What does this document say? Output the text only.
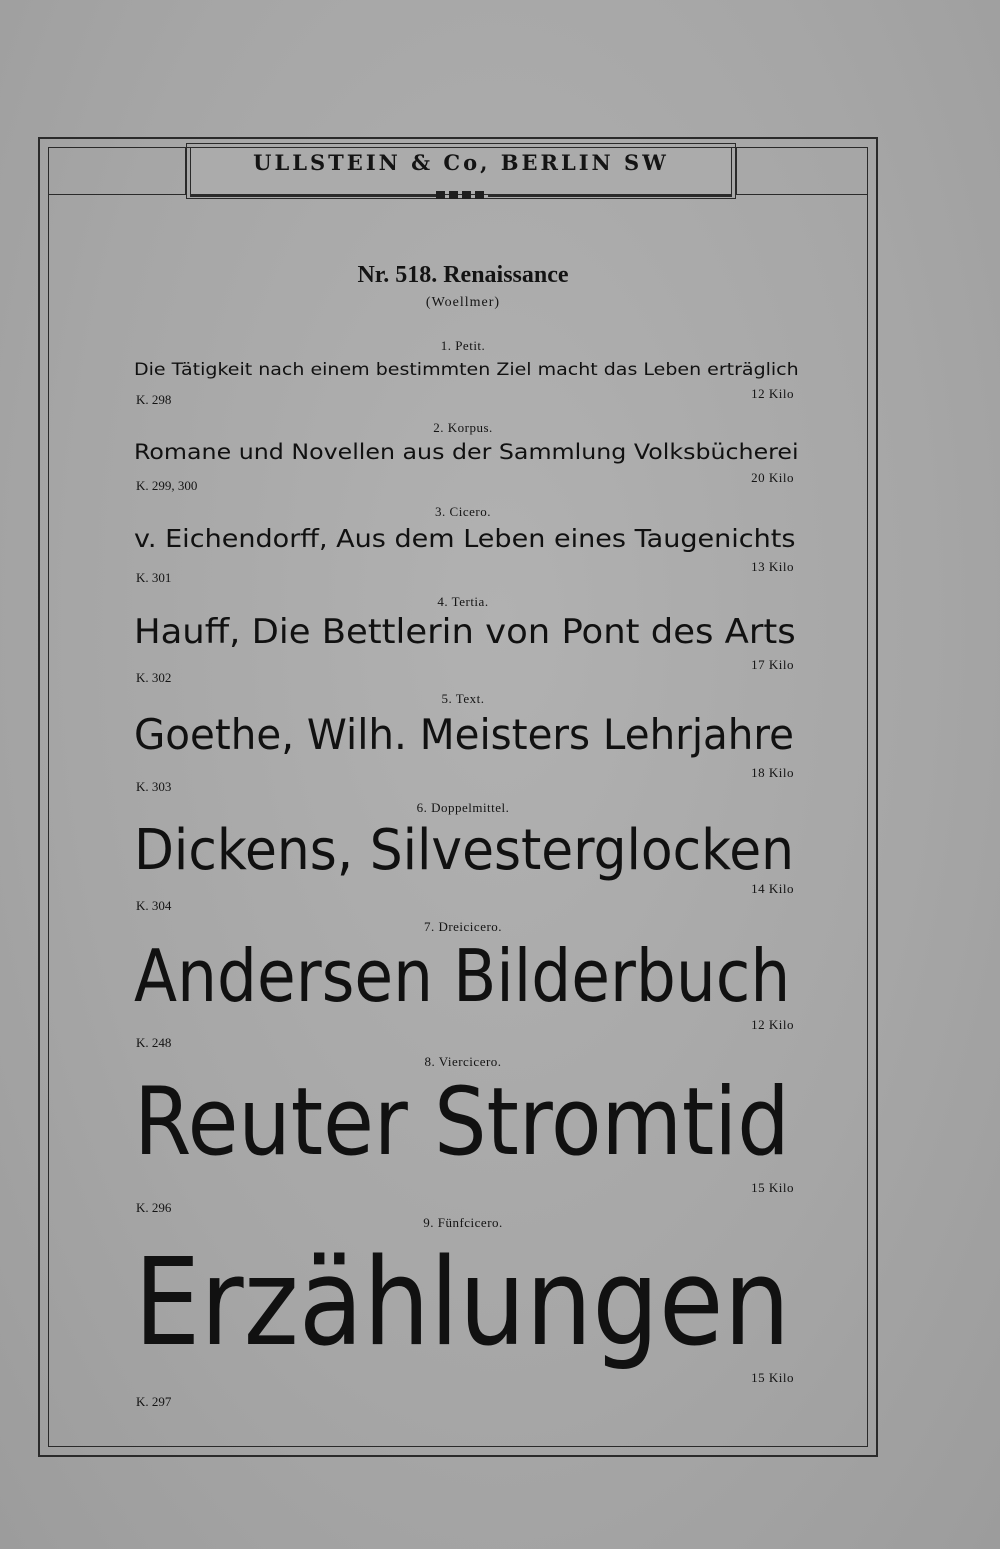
ULLSTEIN & Co, BERLIN SW
Nr. 518. Renaissance
(Woellmer)
1. Petit.
Die Tätigkeit nach einem bestimmten Ziel macht das Leben erträglich
K. 298	12 Kilo
2. Korpus.
Romane und Novellen aus der Sammlung Volksbücherei
K. 299, 300
20 Kilo
3. Cicero.
v. Eichendorff, Aus dem Leben eines Taugenichts
K. 301
13 Kilo
4. Tertia.
Hauff, Die Bettlerin von Pont des Arts
K. 302
17 Kilo
5. Text.
Goethe, Wilh. Meisters Lehrjahre
K. 303
18 Kilo
6. Doppelmittel.
Dickens, Silvesterglocken
K. 304
14 Kilo
7. Dreicicero.
Andersen Bilderbuch
K. 248
12 Kilo
8. Viercicero.
Reuter Stromtid
K. 296
15 Kilo
9. Fünfcicero.
Erzählungen
K. 297
15 Kilo
